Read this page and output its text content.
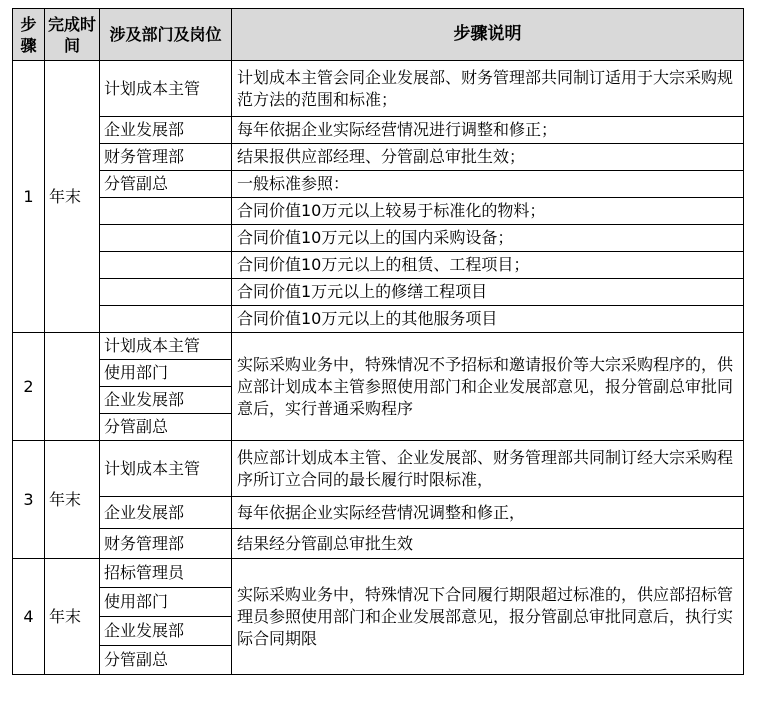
步骤	完成时间	涉及部门及岗位	步骤说明
1	年末	计划成本主管	计划成本主管会同企业发展部、财务管理部共同制订适用于大宗采购规范方法的范围和标准；
		企业发展部	每年依据企业实际经营情况进行调整和修正；
		财务管理部	结果报供应部经理、分管副总审批生效；
		分管副总	一般标准参照：
			合同价值10万元以上较易于标准化的物料；
			合同价值10万元以上的国内采购设备；
			合同价值10万元以上的租赁、工程项目；
			合同价值1万元以上的修缮工程项目
			合同价值10万元以上的其他服务项目
2		计划成本主管	实际采购业务中，特殊情况不予招标和邀请报价等大宗采购程序的，供应部计划成本主管参照使用部门和企业发展部意见，报分管副总审批同意后，实行普通采购程序
		使用部门	
		企业发展部	
		分管副总	
3	年末	计划成本主管	供应部计划成本主管、企业发展部、财务管理部共同制订经大宗采购程序所订立合同的最长履行时限标准，
		企业发展部	每年依据企业实际经营情况调整和修正，
		财务管理部	结果经分管副总审批生效
4	年末	招标管理员	实际采购业务中，特殊情况下合同履行期限超过标准的，供应部招标管理员参照使用部门和企业发展部意见，报分管副总审批同意后，执行实际合同期限
		使用部门	
		企业发展部	
		分管副总	
